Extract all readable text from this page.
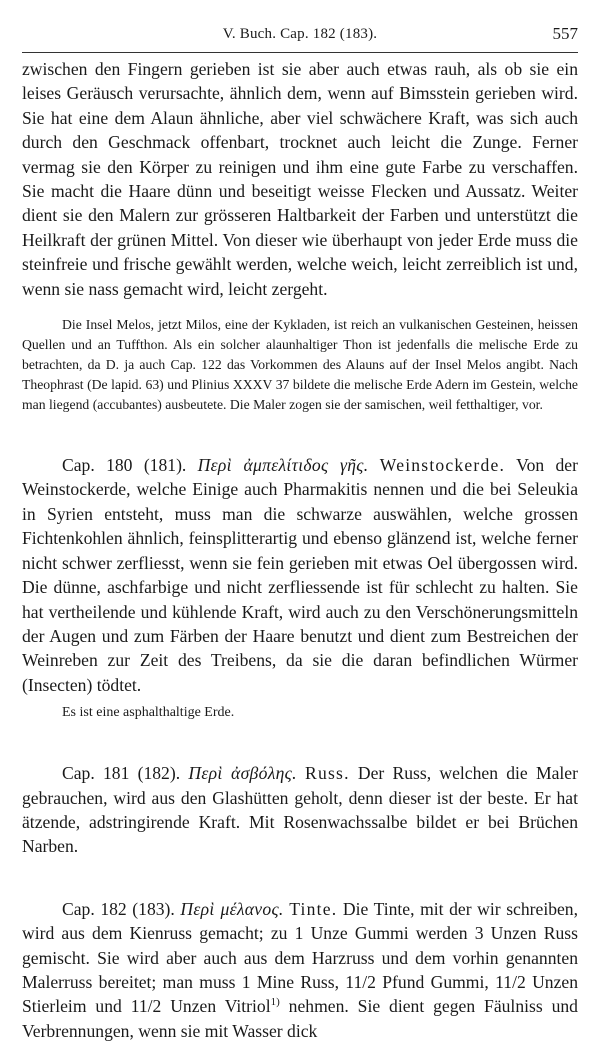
V. Buch. Cap. 182 (183).	557

zwischen den Fingern gerieben ist sie aber auch etwas rauh, als ob sie ein leises Geräusch verursachte, ähnlich dem, wenn auf Bimsstein gerieben wird. Sie hat eine dem Alaun ähnliche, aber viel schwächere Kraft, was sich auch durch den Geschmack offenbart, trocknet auch leicht die Zunge. Ferner vermag sie den Körper zu reinigen und ihm eine gute Farbe zu verschaffen. Sie macht die Haare dünn und beseitigt weisse Flecken und Aussatz. Weiter dient sie den Malern zur grösseren Haltbarkeit der Farben und unterstützt die Heilkraft der grünen Mittel. Von dieser wie überhaupt von jeder Erde muss die steinfreie und frische gewählt werden, welche weich, leicht zerreiblich ist und, wenn sie nass gemacht wird, leicht zergeht.

Die Insel Melos, jetzt Milos, eine der Kykladen, ist reich an vulkanischen Gesteinen, heissen Quellen und an Tuffthon. Als ein solcher alaunhaltiger Thon ist jedenfalls die melische Erde zu betrachten, da D. ja auch Cap. 122 das Vorkommen des Alauns auf der Insel Melos angibt. Nach Theophrast (De lapid. 63) und Plinius XXXV 37 bildete die melische Erde Adern im Gestein, welche man liegend (accubantes) ausbeutete. Die Maler zogen sie der samischen, weil fetthaltiger, vor.

Cap. 180 (181). Περὶ ἀμπελίτιδος γῆς. Weinstockerde. Von der Weinstockerde, welche Einige auch Pharmakitis nennen und die bei Seleukia in Syrien entsteht, muss man die schwarze auswählen, welche grossen Fichtenkohlen ähnlich, feinsplitterartig und ebenso glänzend ist, welche ferner nicht schwer zerfliesst, wenn sie fein gerieben mit etwas Oel übergossen wird. Die dünne, aschfarbige und nicht zerfliessende ist für schlecht zu halten. Sie hat vertheilende und kühlende Kraft, wird auch zu den Verschönerungsmitteln der Augen und zum Färben der Haare benutzt und dient zum Bestreichen der Weinreben zur Zeit des Treibens, da sie die daran befindlichen Würmer (Insecten) tödtet.

Es ist eine asphalthaltige Erde.

Cap. 181 (182). Περὶ ἀσβόλης. Russ. Der Russ, welchen die Maler gebrauchen, wird aus den Glashütten geholt, denn dieser ist der beste. Er hat ätzende, adstringirende Kraft. Mit Rosenwachssalbe bildet er bei Brüchen Narben.

Cap. 182 (183). Περὶ μέλανος. Tinte. Die Tinte, mit der wir schreiben, wird aus dem Kienruss gemacht; zu 1 Unze Gummi werden 3 Unzen Russ gemischt. Sie wird aber auch aus dem Harzruss und dem vorhin genannten Malerruss bereitet; man muss 1 Mine Russ, 11/2 Pfund Gummi, 11/2 Unzen Stierleim und 11/2 Unzen Vitriol$^{1)}$ nehmen. Sie dient gegen Fäulniss und Verbrennungen, wenn sie mit Wasser dick
